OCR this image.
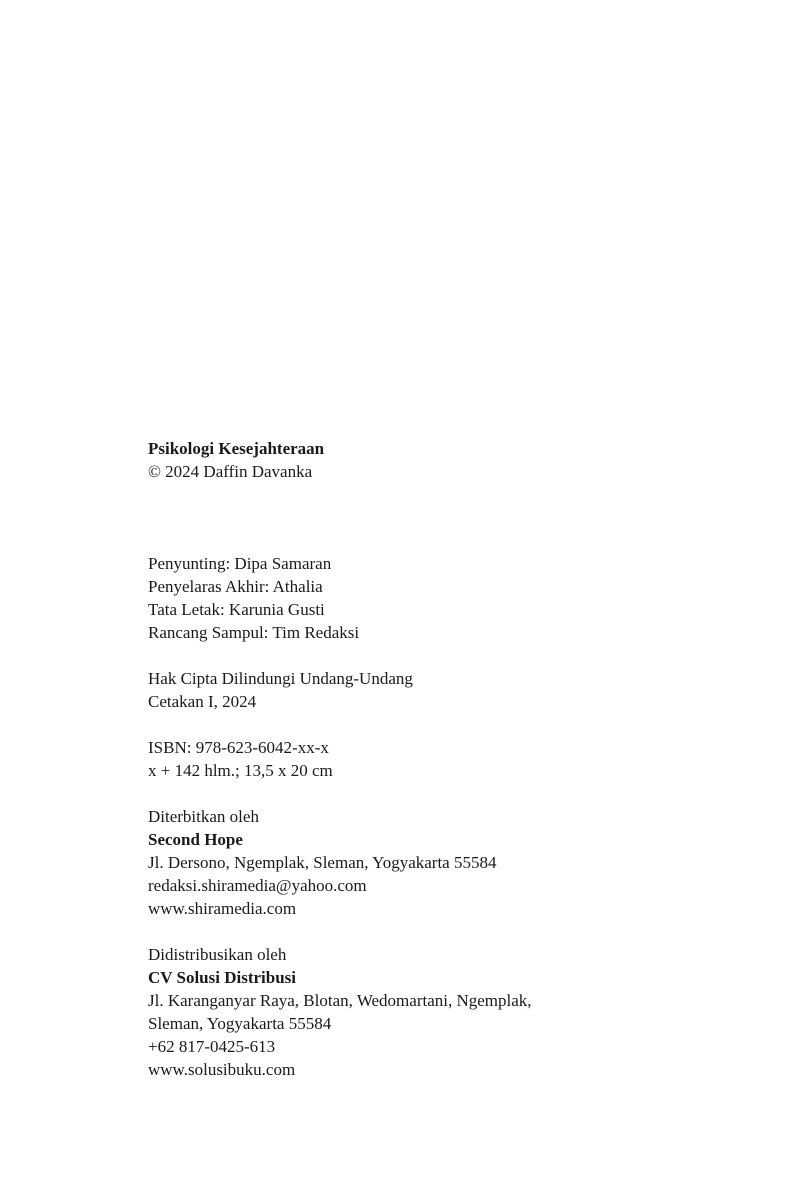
Psikologi Kesejahteraan
© 2024 Daffin Davanka
Penyunting: Dipa Samaran
Penyelaras Akhir: Athalia
Tata Letak: Karunia Gusti
Rancang Sampul: Tim Redaksi
Hak Cipta Dilindungi Undang-Undang
Cetakan I, 2024
ISBN: 978-623-6042-xx-x
x + 142 hlm.; 13,5 x 20 cm
Diterbitkan oleh
Second Hope
Jl. Dersono, Ngemplak, Sleman, Yogyakarta 55584
redaksi.shiramedia@yahoo.com
www.shiramedia.com
Didistribusikan oleh
CV Solusi Distribusi
Jl. Karanganyar Raya, Blotan, Wedomartani, Ngemplak,
Sleman, Yogyakarta 55584
+62 817-0425-613
www.solusibuku.com
